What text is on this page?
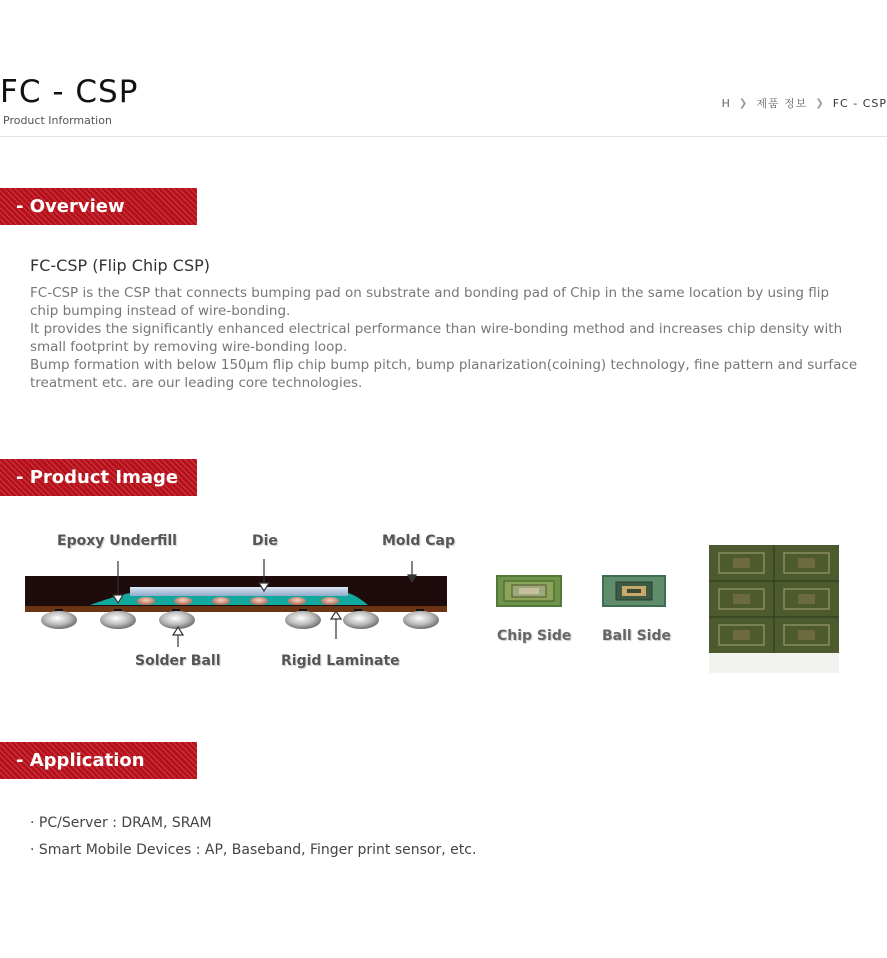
FC - CSP
Product Information
H ❯ 제품 정보 ❯ FC - CSP
- Overview
FC-CSP (Flip Chip CSP)

FC-CSP is the CSP that connects bumping pad on substrate and bonding pad of Chip in the same location by using flip chip bumping instead of wire-bonding.

It provides the significantly enhanced electrical performance than wire-bonding method and increases chip density with small footprint by removing wire-bonding loop.

Bump formation with below 150μm flip chip bump pitch, bump planarization(coining) technology, fine pattern and surface treatment etc. are our leading core technologies.

- Product Image
Epoxy Underfill	Die	Mold Cap
Solder Ball	Rigid Laminate
Chip Side Ball Side
- Application
· PC/Server : DRAM, SRAM
· Smart Mobile Devices : AP, Baseband, Finger print sensor, etc.
